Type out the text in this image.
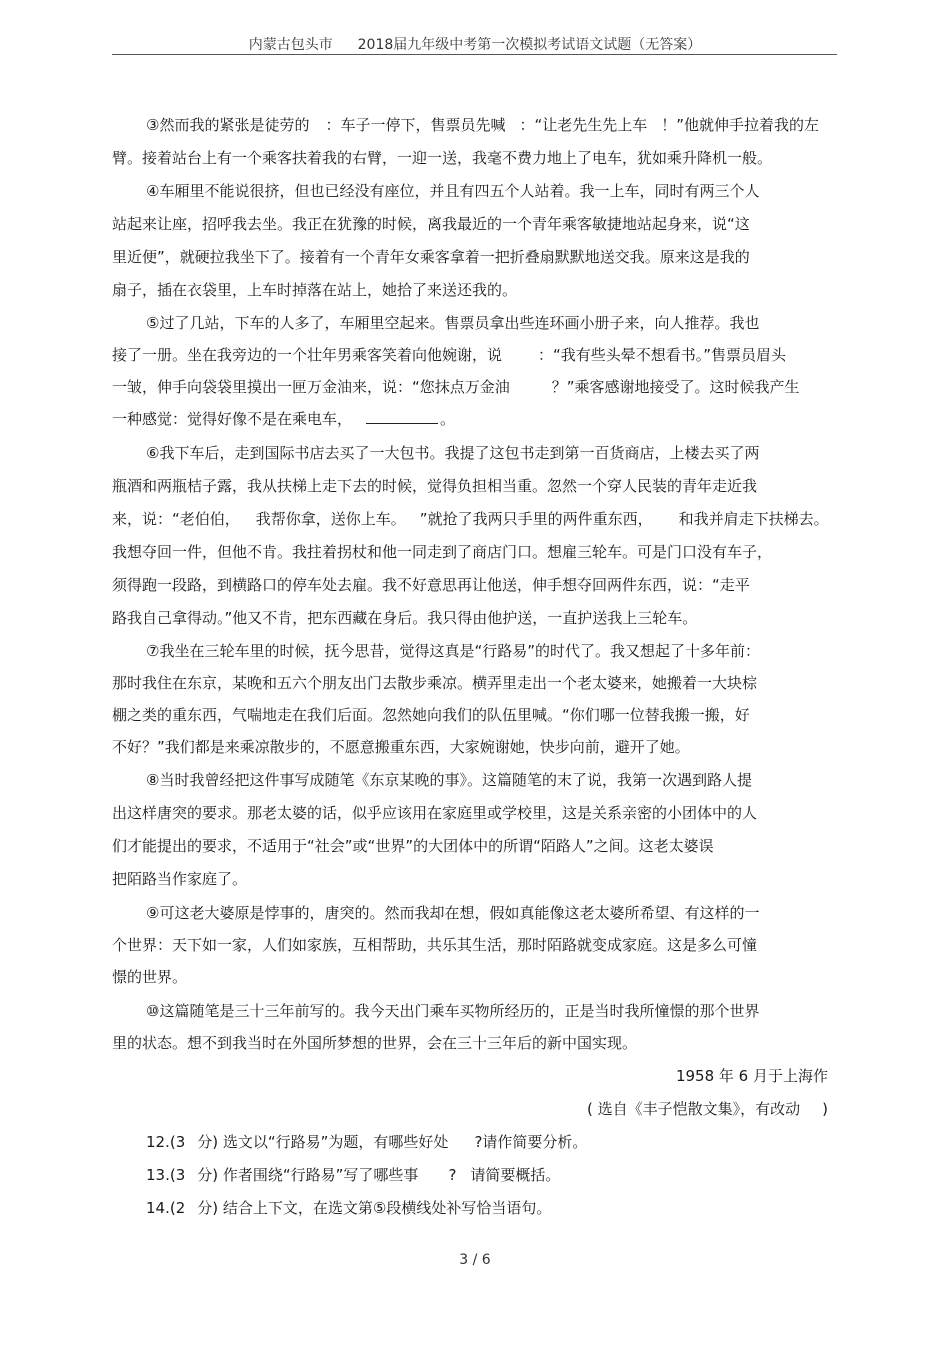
内蒙古包头市 2018届九年级中考第一次模拟考试语文试题（无答案）
③然而我的紧张是徒劳的 ：车子一停下，售票员先喊 ：“让老先生先上车 ！”他就伸手拉着我的左
臂。接着站台上有一个乘客扶着我的右臂，一迎一送，我毫不费力地上了电车，犹如乘升降机一般。
④车厢里不能说很挤，但也已经没有座位，并且有四五个人站着。我一上车，同时有两三个人
站起来让座，招呼我去坐。我正在犹豫的时候，离我最近的一个青年乘客敏捷地站起身来，说“这
里近便”，就硬拉我坐下了。接着有一个青年女乘客拿着一把折叠扇默默地送交我。原来这是我的
扇子，插在衣袋里，上车时掉落在站上，她拾了来送还我的。
⑤过了几站，下车的人多了，车厢里空起来。售票员拿出些连环画小册子来，向人推荐。我也
接了一册。坐在我旁边的一个壮年男乘客笑着向他婉谢，说 ：“我有些头晕不想看书。”售票员眉头
一皱，伸手向袋袋里摸出一匣万金油来，说：“您抹点万金油	？”乘客感谢地接受了。这时候我产生
一种感觉：觉得好像不是在乘电车，	。
⑥我下车后，走到国际书店去买了一大包书。我提了这包书走到第一百货商店，上楼去买了两
瓶酒和两瓶桔子露，我从扶梯上走下去的时候，觉得负担相当重。忽然一个穿人民装的青年走近我
来，说：“老伯伯， 我帮你拿，送你上车。 ”就抢了我两只手里的两件重东西， 和我并肩走下扶梯去。
我想夺回一件，但他不肯。我拄着拐杖和他一同走到了商店门口。想雇三轮车。可是门口没有车子，
须得跑一段路，到横路口的停车处去雇。我不好意思再让他送，伸手想夺回两件东西，说：“走平
路我自己拿得动。”他又不肯，把东西藏在身后。我只得由他护送，一直护送我上三轮车。
⑦我坐在三轮车里的时候，抚今思昔，觉得这真是“行路易”的时代了。我又想起了十多年前：
那时我住在东京，某晚和五六个朋友出门去散步乘凉。横弄里走出一个老太婆来，她搬着一大块棕
棚之类的重东西，气喘地走在我们后面。忽然她向我们的队伍里喊。“你们哪一位替我搬一搬，好
不好？”我们都是来乘凉散步的，不愿意搬重东西，大家婉谢她，快步向前，避开了她。
⑧当时我曾经把这件事写成随笔《东京某晚的事》。这篇随笔的末了说，我第一次遇到路人提
出这样唐突的要求。那老太婆的话，似乎应该用在家庭里或学校里，这是关系亲密的小团体中的人
们才能提出的要求，不适用于“社会”或“世界”的大团体中的所谓“陌路人”之间。这老太婆误
把陌路当作家庭了。
⑨可这老大婆原是悖事的，唐突的。然而我却在想，假如真能像这老太婆所希望、有这样的一
个世界：天下如一家，人们如家族，互相帮助，共乐其生活，那时陌路就变成家庭。这是多么可憧
憬的世界。
⑩这篇随笔是三十三年前写的。我今天出门乘车买物所经历的，正是当时我所憧憬的那个世界
里的状态。想不到我当时在外国所梦想的世界，会在三十三年后的新中国实现。
1958 年 6 月于上海作
( 选自《丰子恺散文集》，有改动 )
12.(3 分) 选文以“行路易”为题，有哪些好处 ?请作简要分析。
13.(3 分) 作者围绕“行路易”写了哪些事 ? 请简要概括。
14.(2 分) 结合上下文，在选文第⑤段横线处补写恰当语句。
3 / 6
